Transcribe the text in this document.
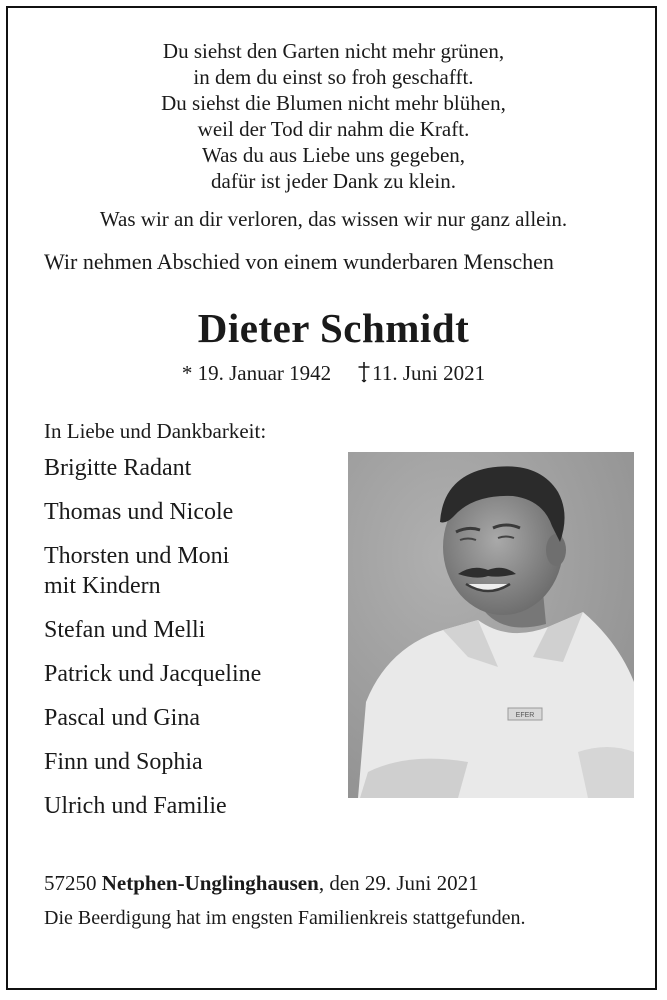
Du siehst den Garten nicht mehr grünen,
in dem du einst so froh geschafft.
Du siehst die Blumen nicht mehr blühen,
weil der Tod dir nahm die Kraft.
Was du aus Liebe uns gegeben,
dafür ist jeder Dank zu klein.
Was wir an dir verloren, das wissen wir nur ganz allein.
Wir nehmen Abschied von einem wunderbaren Menschen
Dieter Schmidt
* 19. Januar 1942 11. Juni 2021
In Liebe und Dankbarkeit:
Brigitte Radant
Thomas und Nicole
Thorsten und Moni
mit Kindern
Stefan und Melli
Patrick und Jacqueline
Pascal und Gina
Finn und Sophia
Ulrich und Familie
EFER
57250 Netphen-Unglinghausen, den 29. Juni 2021
Die Beerdigung hat im engsten Familienkreis stattgefunden.
